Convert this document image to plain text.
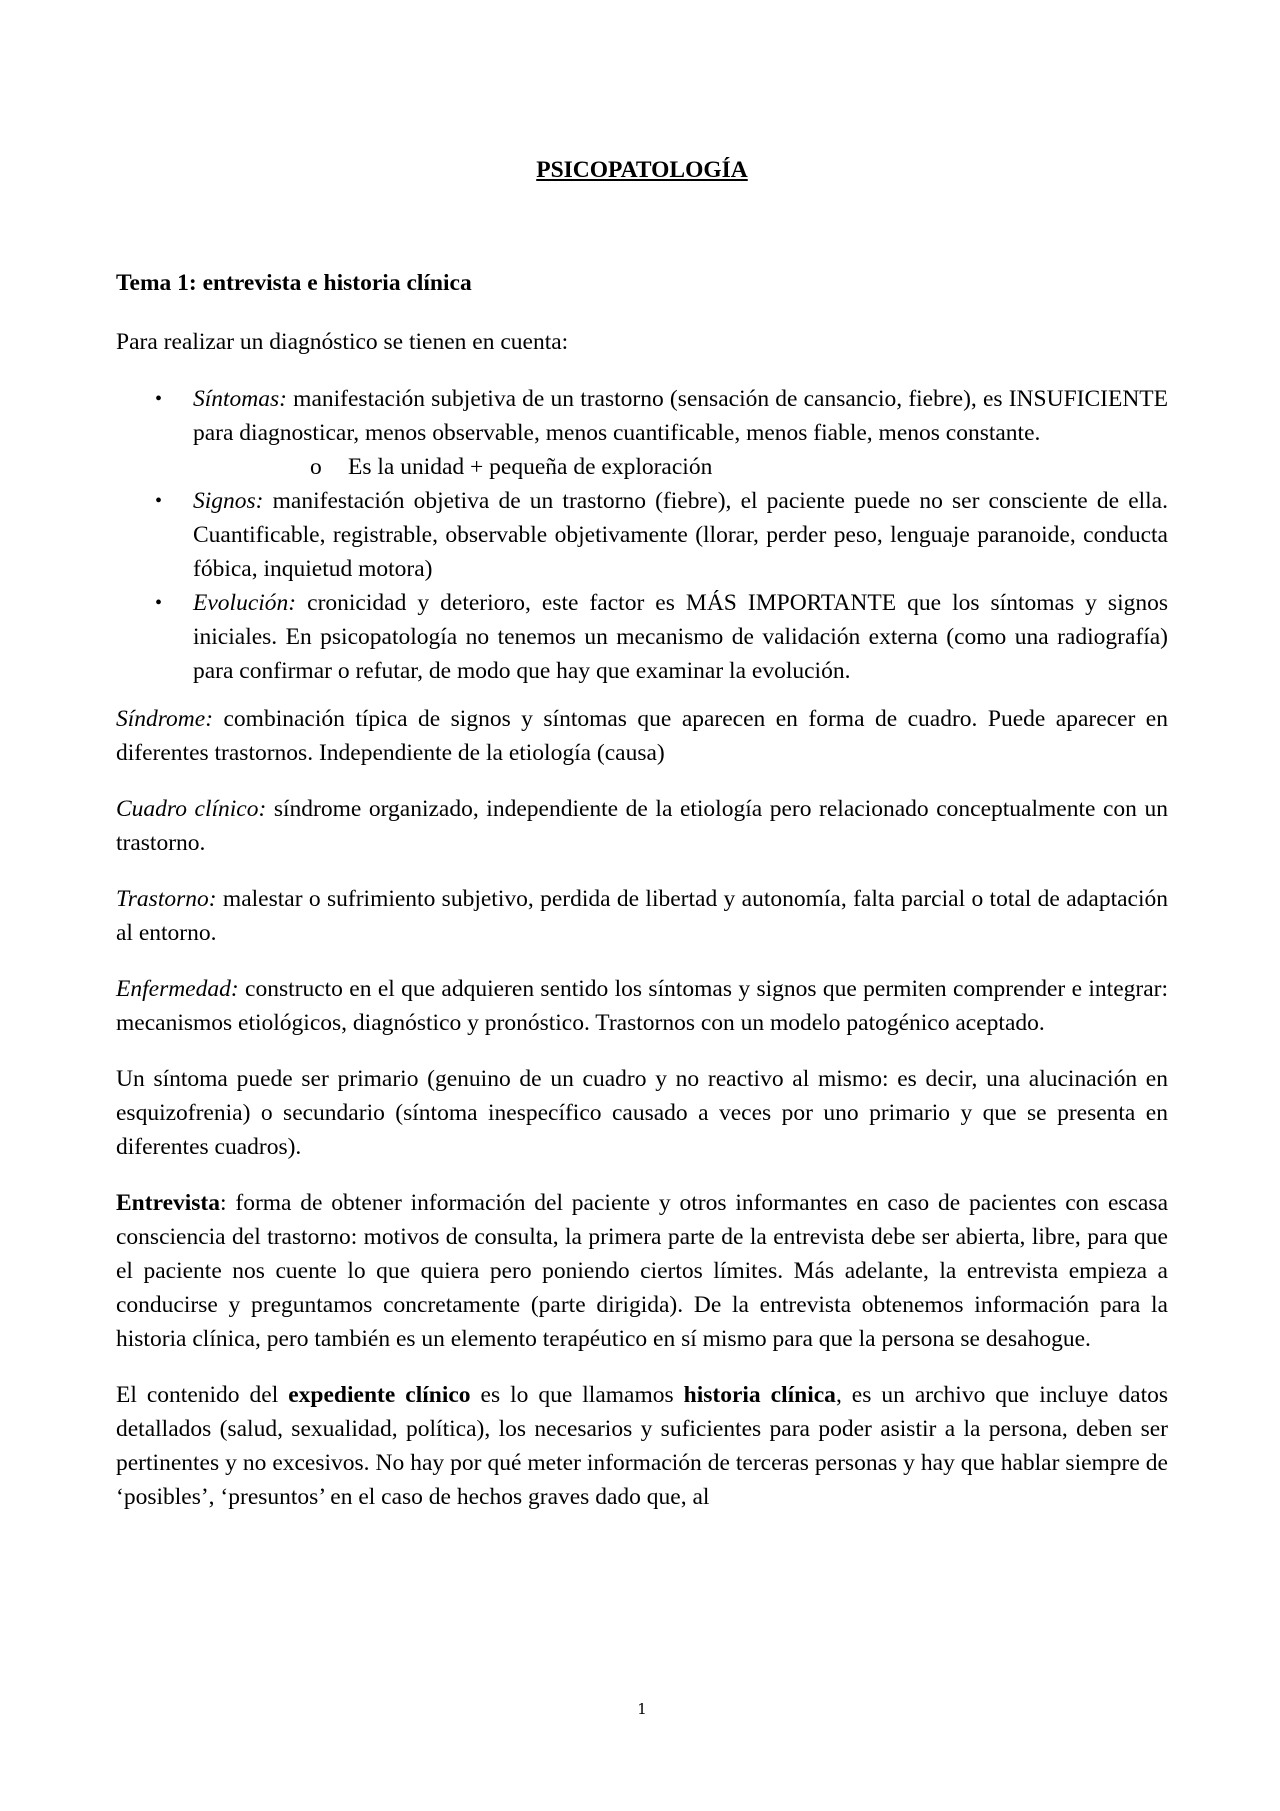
PSICOPATOLOGÍA
Tema 1: entrevista e historia clínica
Para realizar un diagnóstico se tienen en cuenta:
• Síntomas: manifestación subjetiva de un trastorno (sensación de cansancio, fiebre), es INSUFICIENTE para diagnosticar, menos observable, menos cuantificable, menos fiable, menos constante.
o Es la unidad + pequeña de exploración
• Signos: manifestación objetiva de un trastorno (fiebre), el paciente puede no ser consciente de ella. Cuantificable, registrable, observable objetivamente (llorar, perder peso, lenguaje paranoide, conducta fóbica, inquietud motora)
• Evolución: cronicidad y deterioro, este factor es MÁS IMPORTANTE que los síntomas y signos iniciales. En psicopatología no tenemos un mecanismo de validación externa (como una radiografía) para confirmar o refutar, de modo que hay que examinar la evolución.

Síndrome: combinación típica de signos y síntomas que aparecen en forma de cuadro. Puede aparecer en diferentes trastornos. Independiente de la etiología (causa)

Cuadro clínico: síndrome organizado, independiente de la etiología pero relacionado conceptualmente con un trastorno.

Trastorno: malestar o sufrimiento subjetivo, perdida de libertad y autonomía, falta parcial o total de adaptación al entorno.

Enfermedad: constructo en el que adquieren sentido los síntomas y signos que permiten comprender e integrar: mecanismos etiológicos, diagnóstico y pronóstico. Trastornos con un modelo patogénico aceptado.

Un síntoma puede ser primario (genuino de un cuadro y no reactivo al mismo: es decir, una alucinación en esquizofrenia) o secundario (síntoma inespecífico causado a veces por uno primario y que se presenta en diferentes cuadros).

Entrevista: forma de obtener información del paciente y otros informantes en caso de pacientes con escasa consciencia del trastorno: motivos de consulta, la primera parte de la entrevista debe ser abierta, libre, para que el paciente nos cuente lo que quiera pero poniendo ciertos límites. Más adelante, la entrevista empieza a conducirse y preguntamos concretamente (parte dirigida). De la entrevista obtenemos información para la historia clínica, pero también es un elemento terapéutico en sí mismo para que la persona se desahogue.

El contenido del expediente clínico es lo que llamamos historia clínica, es un archivo que incluye datos detallados (salud, sexualidad, política), los necesarios y suficientes para poder asistir a la persona, deben ser pertinentes y no excesivos. No hay por qué meter información de terceras personas y hay que hablar siempre de ‘posibles’, ‘presuntos’ en el caso de hechos graves dado que, al

1
